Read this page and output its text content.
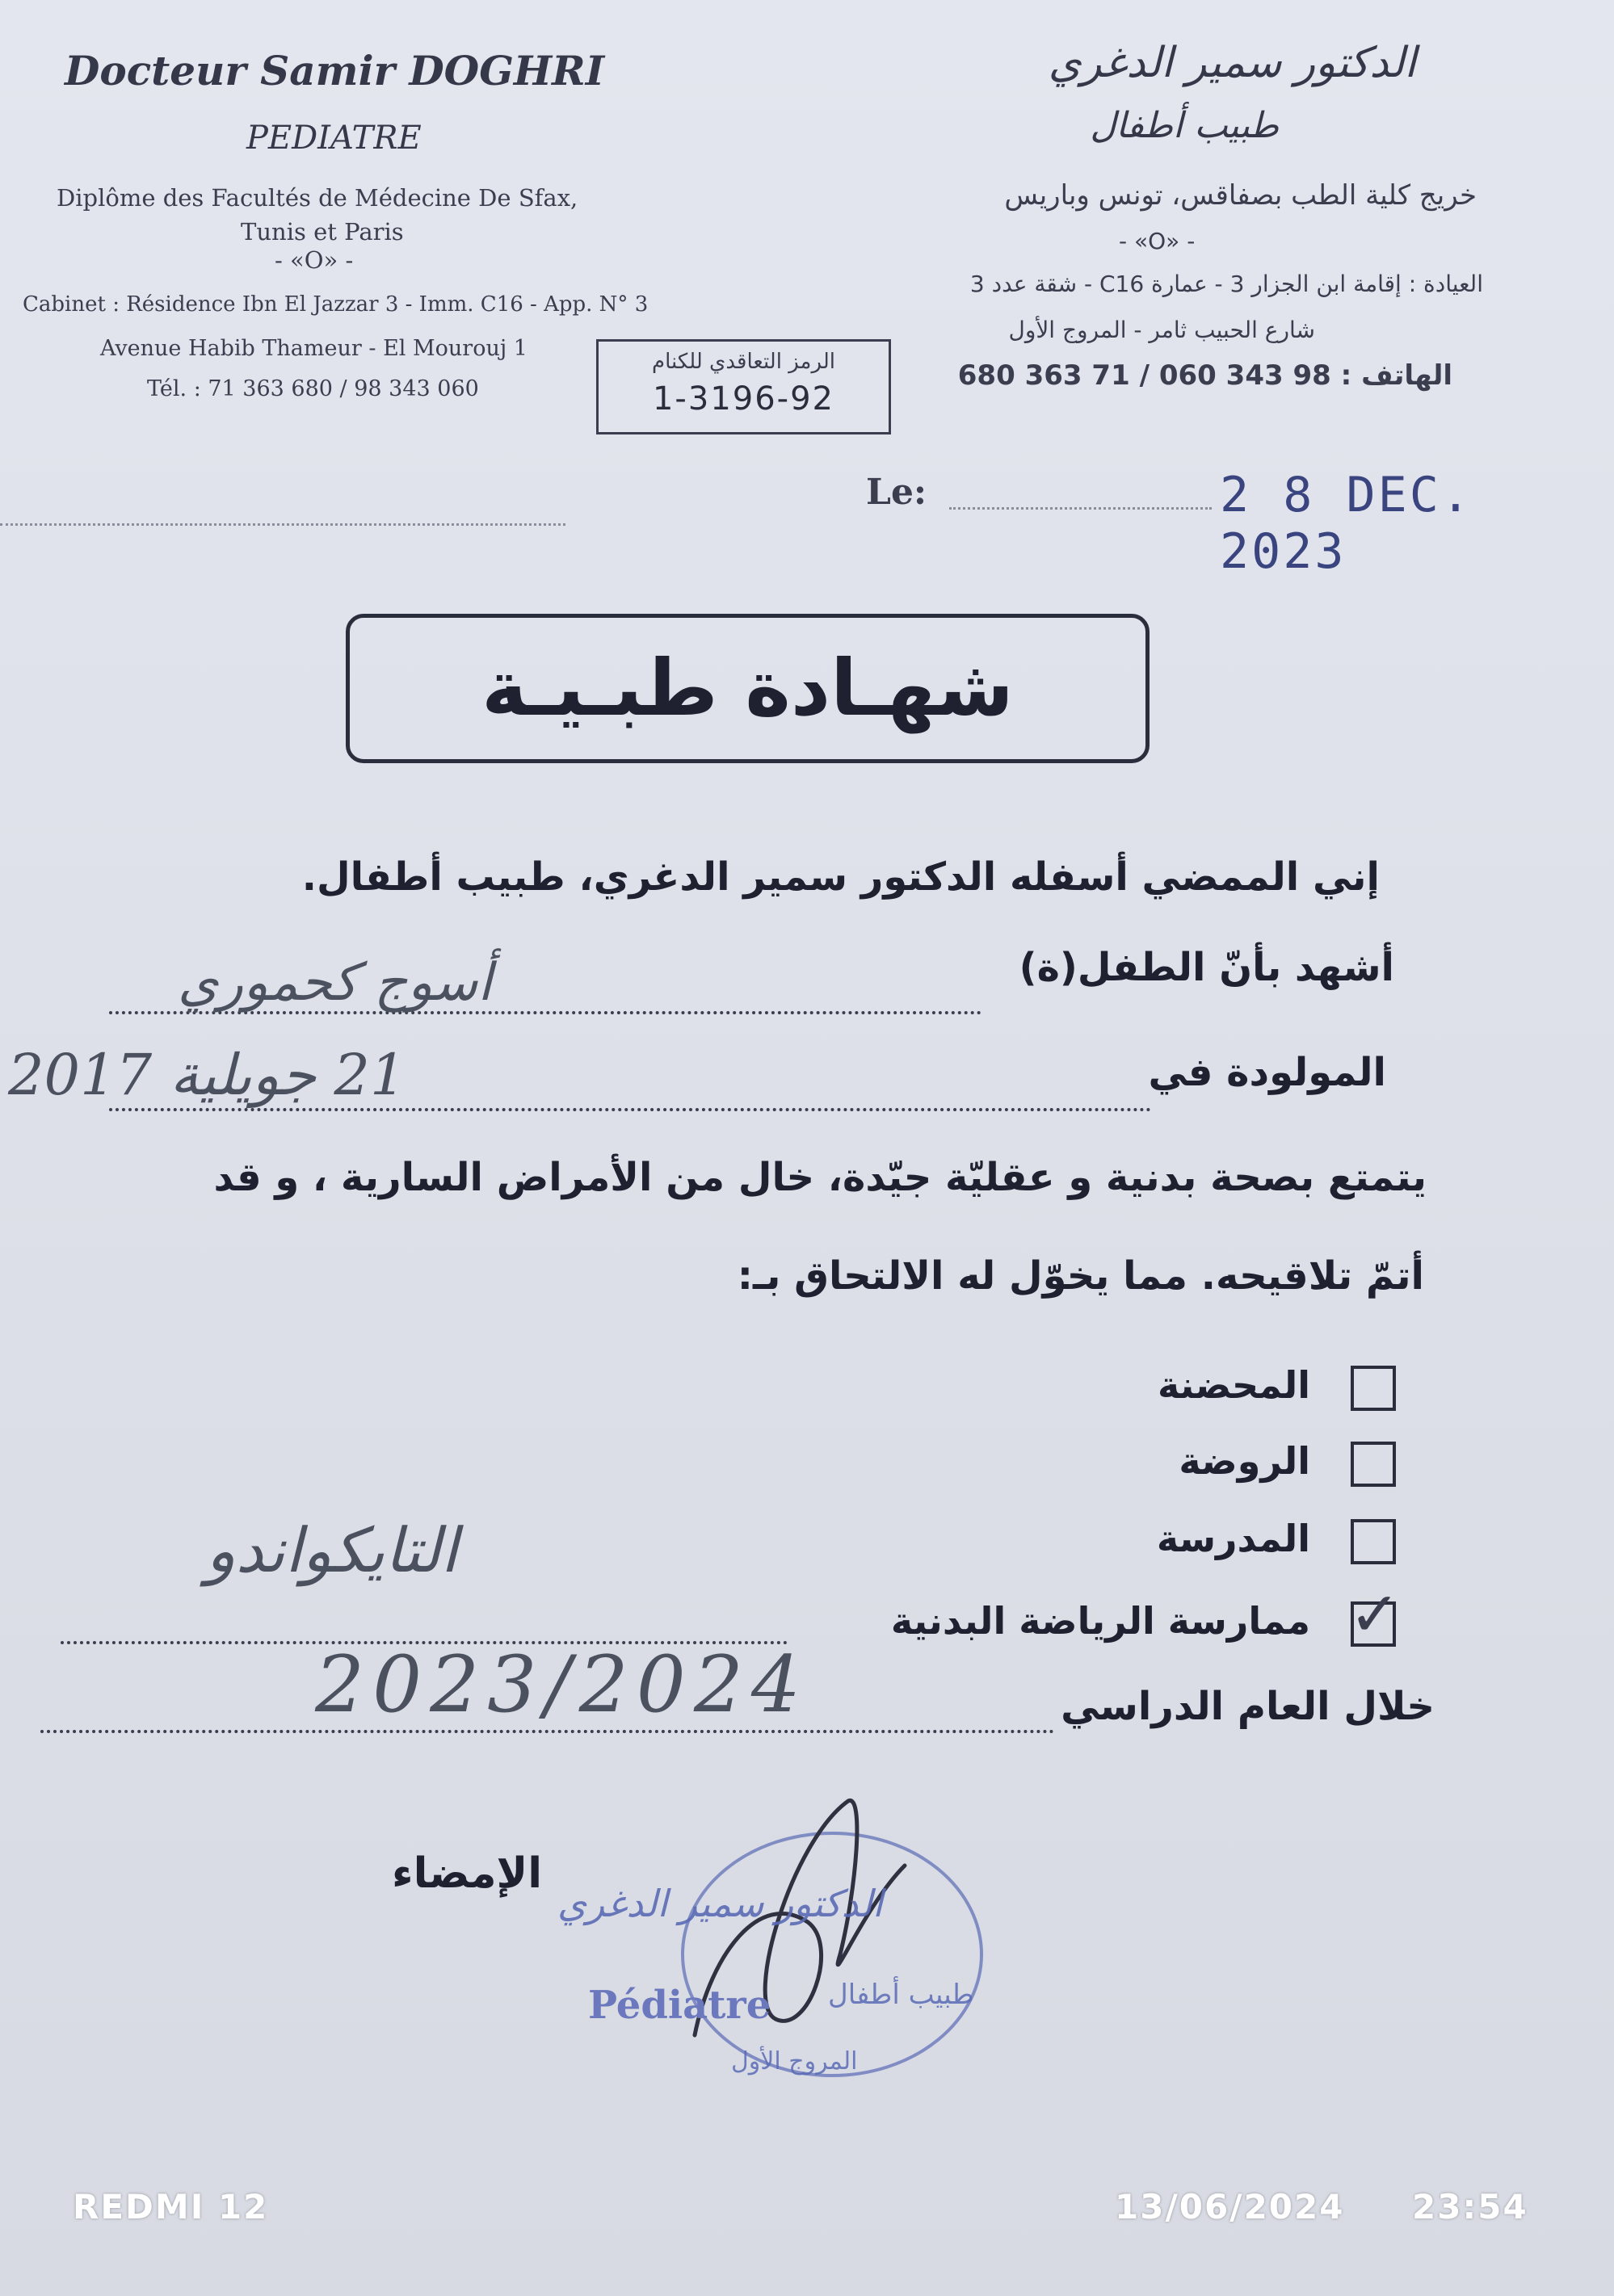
Docteur Samir DOGHRI
PEDIATRE
Diplôme des Facultés de Médecine De Sfax,
Tunis et Paris
- «O» -
Cabinet : Résidence Ibn El Jazzar 3 - Imm. C16 - App. N° 3
Avenue Habib Thameur - El Mourouj 1
Tél. : 71 363 680 / 98 343 060
الدكتور سمير الدغري
طبيب أطفال
خريج كلية الطب بصفاقس، تونس وباريس
- «O» -
العيادة : إقامة ابن الجزار 3 - عمارة C16 - شقة عدد 3
شارع الحبيب ثامر - المروج الأول
الهاتف : 98 343 060 / 71 363 680
الرمز التعاقدي للكنام
1-3196-92
Le:	2 8 DEC. 2023
شهـادة طبـيـة
إني الممضي أسفله الدكتور سمير الدغري، طبيب أطفال.
أشهد بأنّ الطفل(ة)
أسوج كحموري
المولودة في
21 جويلية 2017
يتمتع بصحة بدنية و عقليّة جيّدة، خال من الأمراض السارية ، و قد
أتمّ تلاقيحه. مما يخوّل له الالتحاق بـ:
المحضنة
الروضة
المدرسة
✓
ممارسة الرياضة البدنية
التايكواندو
خلال العام الدراسي
2023/2024
الإمضاء
الدكتور سمير الدغري
Pédiatre طبيب أطفال
المروج الأول
REDMI 12	13/06/2024 23:54
